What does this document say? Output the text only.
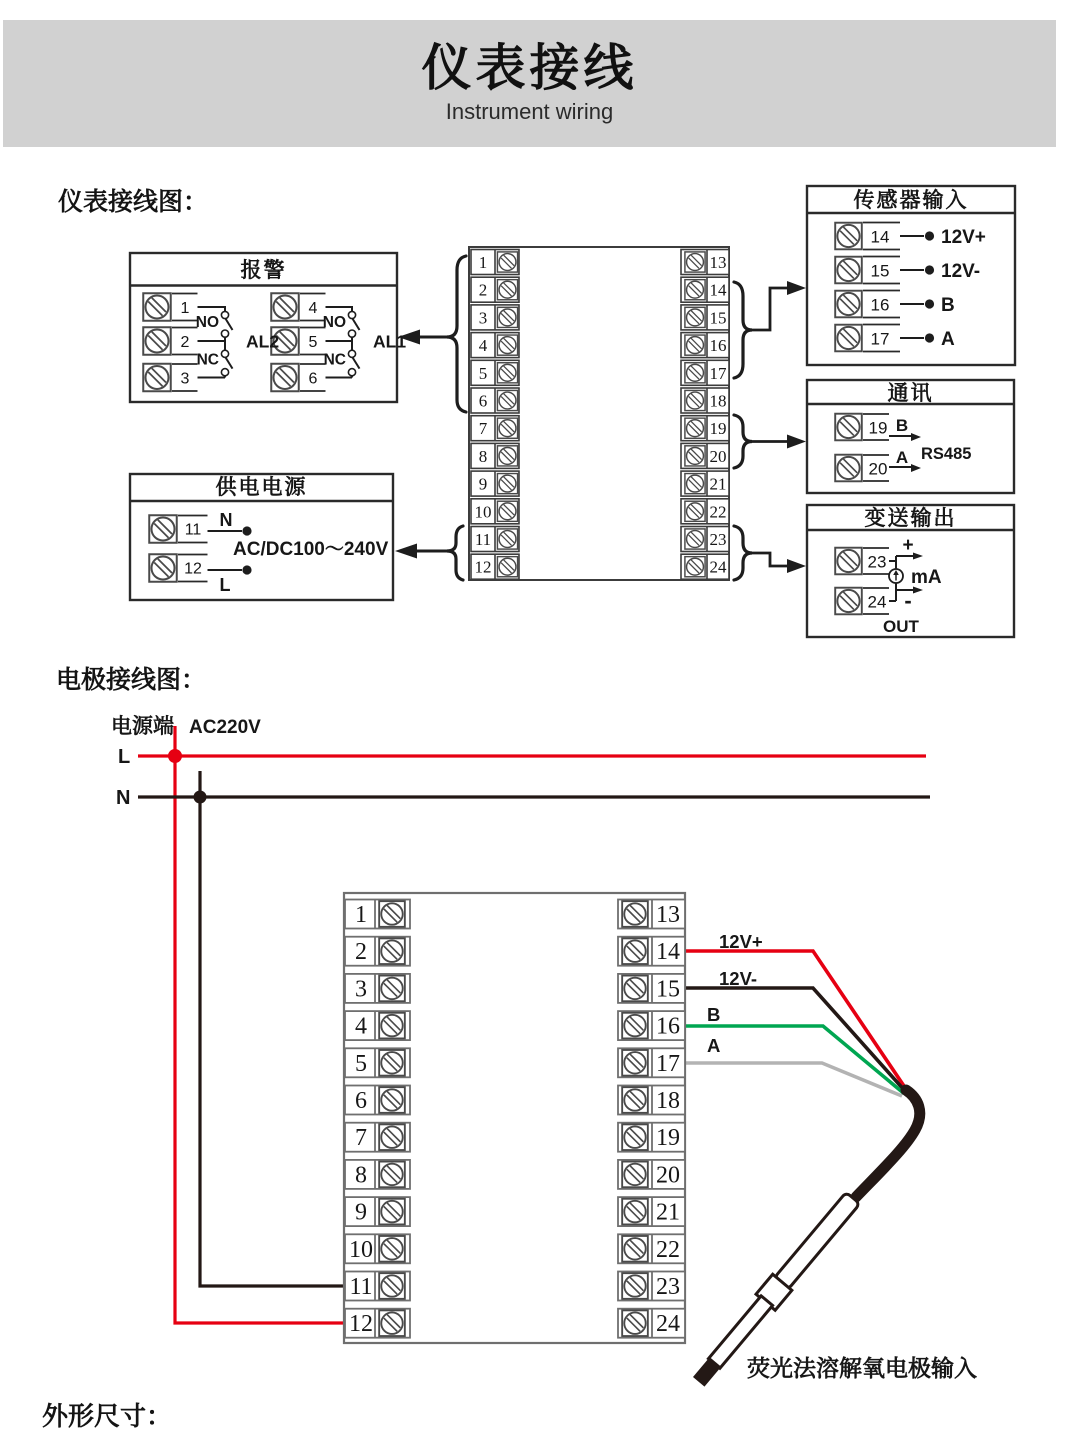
仪表接线
Instrument wiring
仪表接线图：
电极接线图：
外形尺寸：
电源端 AC220V
L
N
12V+
12V-
B
A
荧光法溶解氧电极输入
1
2
3
4
5
6
7
8
9
10
11
12
13
14
15
16
17
18
19
20
21
22
23
24
1
2
3
4
5
6
7
8
9
10
11
12
13
14
15
16
17
18
19
20
21
22
23
24
报警
1
2
3
4
5
6
NO
NC
AL2
NO
NC
AL1
供电电源
11
12
N
L
AC/DC100～240V
传感器输入
14
15
16
17
12V+
12V-
B
A
通讯
19
20
B
A RS485
变送输出
23
24
+
-
mA
OUT
